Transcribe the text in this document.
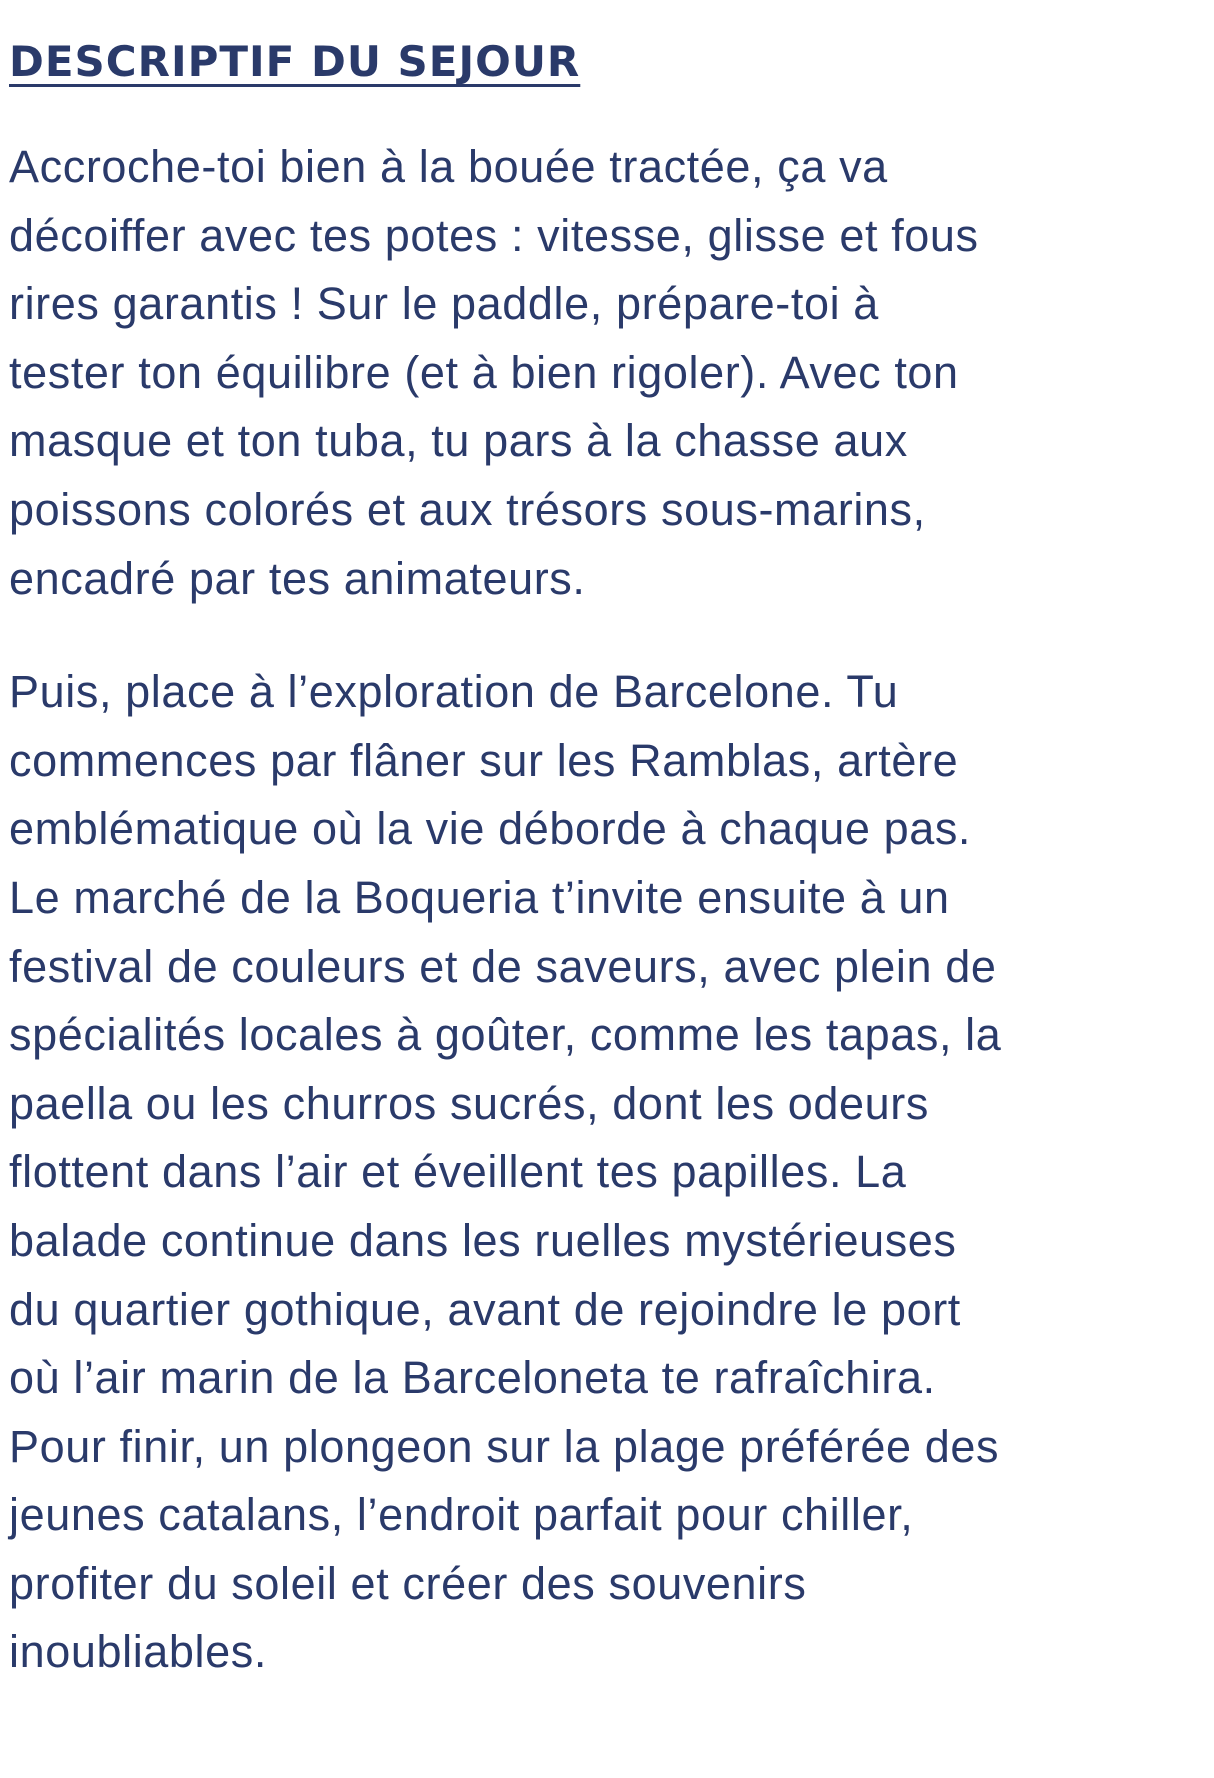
DESCRIPTIF DU SEJOUR

Accroche-toi bien à la bouée tractée, ça va
décoiffer avec tes potes : vitesse, glisse et fous
rires garantis ! Sur le paddle, prépare-toi à
tester ton équilibre (et à bien rigoler). Avec ton
masque et ton tuba, tu pars à la chasse aux
poissons colorés et aux trésors sous-marins,
encadré par tes animateurs.

Puis, place à l’exploration de Barcelone. Tu
commences par flâner sur les Ramblas, artère
emblématique où la vie déborde à chaque pas.
Le marché de la Boqueria t’invite ensuite à un
festival de couleurs et de saveurs, avec plein de
spécialités locales à goûter, comme les tapas, la
paella ou les churros sucrés, dont les odeurs
flottent dans l’air et éveillent tes papilles. La
balade continue dans les ruelles mystérieuses
du quartier gothique, avant de rejoindre le port
où l’air marin de la Barceloneta te rafraîchira.
Pour finir, un plongeon sur la plage préférée des
jeunes catalans, l’endroit parfait pour chiller,
profiter du soleil et créer des souvenirs
inoubliables.
